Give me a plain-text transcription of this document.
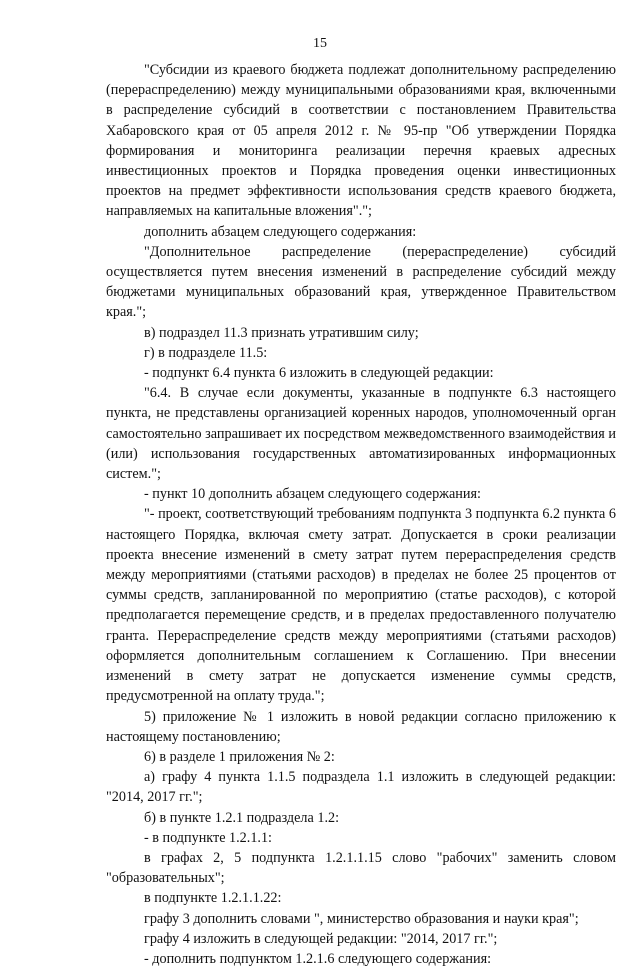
15

"Субсидии из краевого бюджета подлежат дополнительному распределению (перераспределению) между муниципальными образованиями края, включенными в распределение субсидий в соответствии с постановлением Правительства Хабаровского края от 05 апреля 2012 г. № 95-пр "Об утверждении Порядка формирования и мониторинга реализации перечня краевых адресных инвестиционных проектов и Порядка проведения оценки инвестиционных проектов на предмет эффективности использования средств краевого бюджета, направляемых на капитальные вложения".";

дополнить абзацем следующего содержания:

"Дополнительное распределение (перераспределение) субсидий осуществляется путем внесения изменений в распределение субсидий между бюджетами муниципальных образований края, утвержденное Правительством края.";

в) подраздел 11.3 признать утратившим силу;

г) в подразделе 11.5:

- подпункт 6.4 пункта 6 изложить в следующей редакции:

"6.4. В случае если документы, указанные в подпункте 6.3 настоящего пункта, не представлены организацией коренных народов, уполномоченный орган самостоятельно запрашивает их посредством межведомственного взаимодействия и (или) использования государственных автоматизированных информационных систем.";

- пункт 10 дополнить абзацем следующего содержания:

"- проект, соответствующий требованиям подпункта 3 подпункта 6.2 пункта 6 настоящего Порядка, включая смету затрат. Допускается в сроки реализации проекта внесение изменений в смету затрат путем перераспределения средств между мероприятиями (статьями расходов) в пределах не более 25 процентов от суммы средств, запланированной по мероприятию (статье расходов), с которой предполагается перемещение средств, и в пределах предоставленного получателю гранта. Перераспределение средств между мероприятиями (статьями расходов) оформляется дополнительным соглашением к Соглашению. При внесении изменений в смету затрат не допускается изменение суммы средств, предусмотренной на оплату труда.";

5) приложение № 1 изложить в новой редакции согласно приложению к настоящему постановлению;

6) в разделе 1 приложения № 2:

а) графу 4 пункта 1.1.5 подраздела 1.1 изложить в следующей редакции: "2014, 2017 гг.";

б) в пункте 1.2.1 подраздела 1.2:

- в подпункте 1.2.1.1:

в графах 2, 5 подпункта 1.2.1.1.15 слово "рабочих" заменить словом "образовательных";

в подпункте 1.2.1.1.22:

графу 3 дополнить словами ", министерство образования и науки края";

графу 4 изложить в следующей редакции: "2014, 2017 гг.";

- дополнить подпунктом 1.2.1.6 следующего содержания:
